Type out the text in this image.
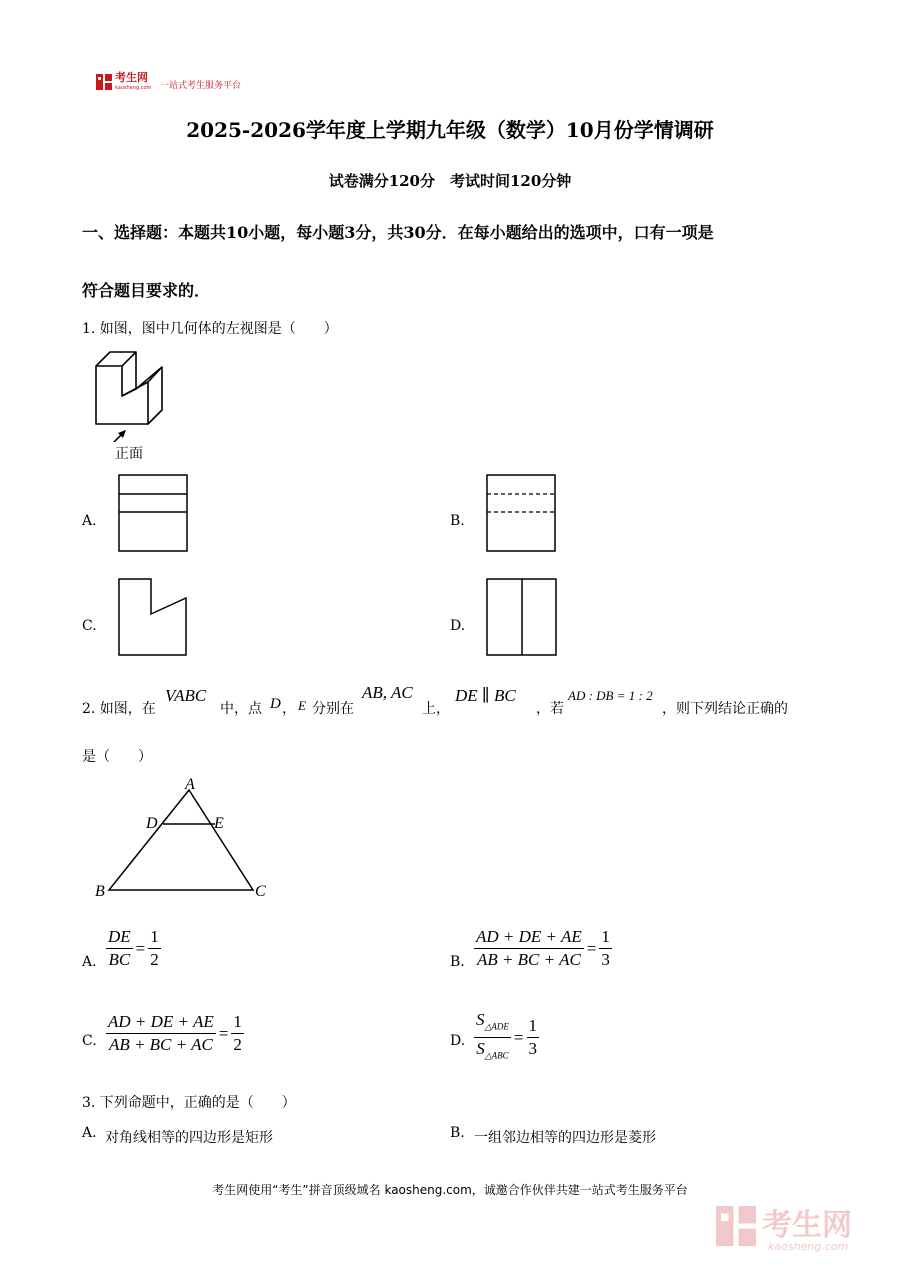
考生网
kaosheng.com 一站式考生服务平台
2025-2026学年度上学期九年级（数学）10月份学情调研
试卷满分120分　考试时间120分钟
一、选择题：本题共10小题，每小题3分，共30分．在每小题给出的选项中，口有一项是
符合题目要求的．
1. 如图，图中几何体的左视图是（　　）
正面
A.	B.
C.	D.
2. 如图，在
VABC
中，点 D ， E 分别在
AB, AC
上，
DE ∥ BC
，若
AD : DB = 1 : 2
，则下列结论正确的
是（　　）
A
D	E
B	C
A. $\frac{DE}{BC} = \frac{1}{2}$	B. $\frac{AD + DE + AE}{AB + BC + AC} = \frac{1}{3}$
C. $\frac{AD + DE + AE}{AB + BC + AC} = \frac{1}{2}$	D. $\frac{S_{\triangle ADE}}{S_{\triangle ABC}} = \frac{1}{3}$
3. 下列命题中，正确的是（　　）
A. 对角线相等的四边形是矩形	B. 一组邻边相等的四边形是菱形
考生网使用“考生”拼音顶级域名 kaosheng.com，诚邀合作伙伴共建一站式考生服务平台
考生网
kaosheng.com
